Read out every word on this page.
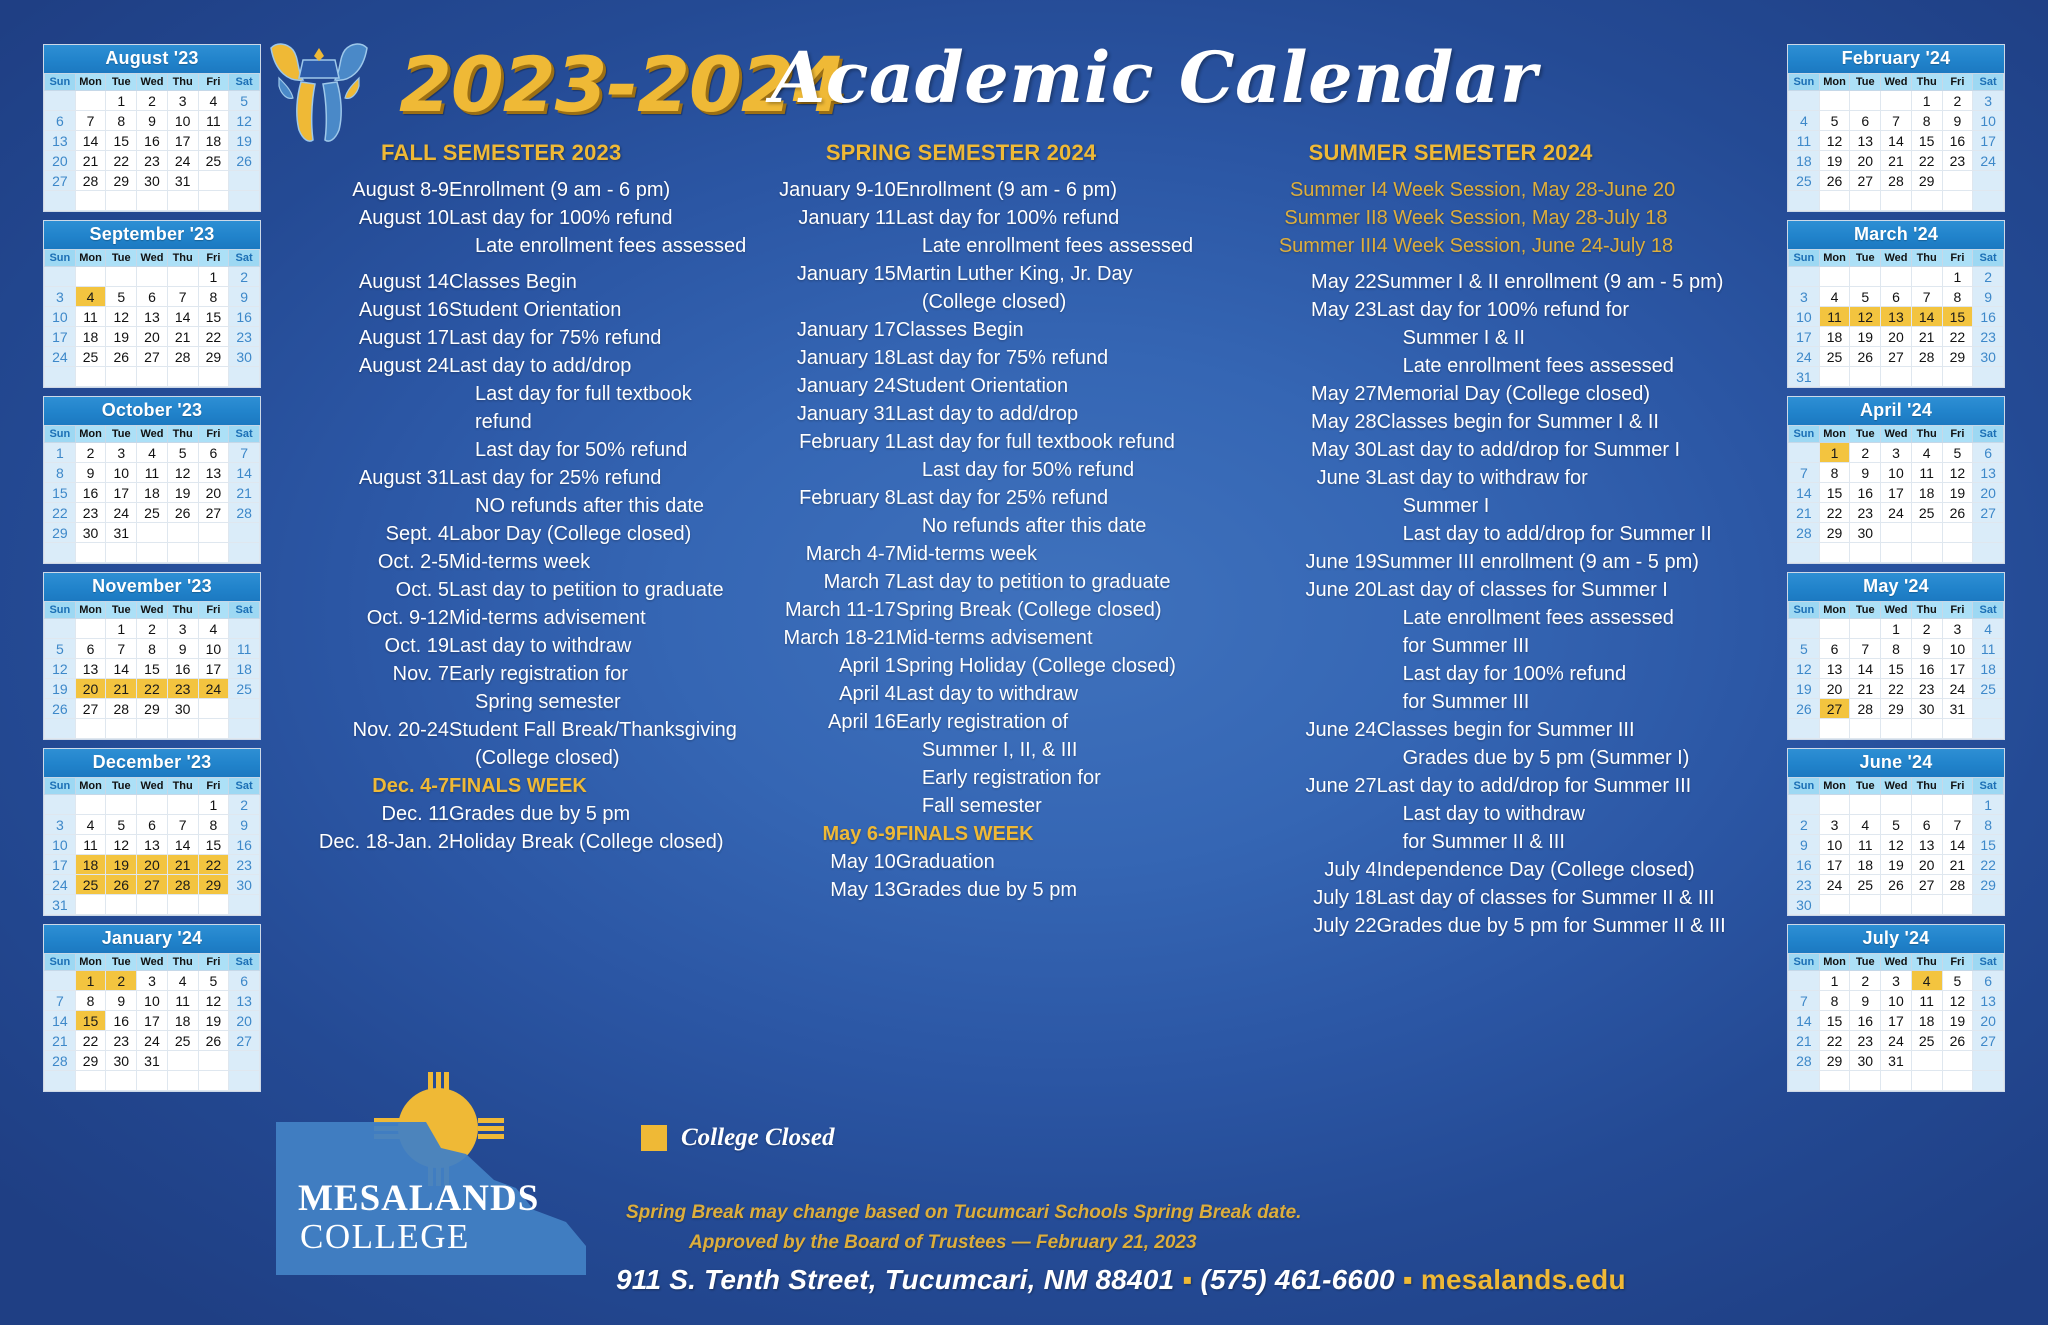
August '23
Sun	Mon	Tue	Wed	Thu	Fri	Sat
		1	2	3	4	5
6	7	8	9	10	11	12
13	14	15	16	17	18	19
20	21	22	23	24	25	26
27	28	29	30	31		

September '23
Sun	Mon	Tue	Wed	Thu	Fri	Sat
					1	2
3	4	5	6	7	8	9
10	11	12	13	14	15	16
17	18	19	20	21	22	23
24	25	26	27	28	29	30

October '23
Sun	Mon	Tue	Wed	Thu	Fri	Sat
1	2	3	4	5	6	7
8	9	10	11	12	13	14
15	16	17	18	19	20	21
22	23	24	25	26	27	28
29	30	31				

November '23
Sun	Mon	Tue	Wed	Thu	Fri	Sat
		1	2	3	4	
5	6	7	8	9	10	11
12	13	14	15	16	17	18
19	20	21	22	23	24	25
26	27	28	29	30		

December '23
Sun	Mon	Tue	Wed	Thu	Fri	Sat
					1	2
3	4	5	6	7	8	9
10	11	12	13	14	15	16
17	18	19	20	21	22	23
24	25	26	27	28	29	30
31						
January '24
Sun	Mon	Tue	Wed	Thu	Fri	Sat
	1	2	3	4	5	6
7	8	9	10	11	12	13
14	15	16	17	18	19	20
21	22	23	24	25	26	27
28	29	30	31			

February '24
Sun	Mon	Tue	Wed	Thu	Fri	Sat
				1	2	3
4	5	6	7	8	9	10
11	12	13	14	15	16	17
18	19	20	21	22	23	24
25	26	27	28	29		

March '24
Sun	Mon	Tue	Wed	Thu	Fri	Sat
					1	2
3	4	5	6	7	8	9
10	11	12	13	14	15	16
17	18	19	20	21	22	23
24	25	26	27	28	29	30
31						
April '24
Sun	Mon	Tue	Wed	Thu	Fri	Sat
	1	2	3	4	5	6
7	8	9	10	11	12	13
14	15	16	17	18	19	20
21	22	23	24	25	26	27
28	29	30				

May '24
Sun	Mon	Tue	Wed	Thu	Fri	Sat
			1	2	3	4
5	6	7	8	9	10	11
12	13	14	15	16	17	18
19	20	21	22	23	24	25
26	27	28	29	30	31	

June '24
Sun	Mon	Tue	Wed	Thu	Fri	Sat
						1
2	3	4	5	6	7	8
9	10	11	12	13	14	15
16	17	18	19	20	21	22
23	24	25	26	27	28	29
30						
July '24
Sun	Mon	Tue	Wed	Thu	Fri	Sat
	1	2	3	4	5	6
7	8	9	10	11	12	13
14	15	16	17	18	19	20
21	22	23	24	25	26	27
28	29	30	31			

2023-2024
Academic Calendar
FALL SEMESTER 2023
August 8-9	Enrollment (9 am - 6 pm)
August 10	Last day for 100% refund

Late enrollment fees assessed

August 14	Classes Begin
August 16	Student Orientation
August 17	Last day for 75% refund
August 24	Last day to add/drop

Last day for full textbook refund
Last day for 50% refund

August 31	Last day for 25% refund

NO refunds after this date

Sept. 4	Labor Day (College closed)
Oct. 2-5	Mid-terms week
Oct. 5	Last day to petition to graduate
Oct. 9-12	Mid-terms advisement
Oct. 19	Last day to withdraw
Nov. 7	Early registration for

Spring semester

Nov. 20-24	Student Fall Break/Thanksgiving

(College closed)

Dec. 4-7	FINALS WEEK
Dec. 11	Grades due by 5 pm
Dec. 18-Jan. 2	Holiday Break (College closed)
SPRING SEMESTER 2024
January 9-10	Enrollment (9 am - 6 pm)
January 11	Last day for 100% refund

Late enrollment fees assessed

January 15	Martin Luther King, Jr. Day

(College closed)

January 17	Classes Begin
January 18	Last day for 75% refund
January 24	Student Orientation
January 31	Last day to add/drop
February 1	Last day for full textbook refund

Last day for 50% refund

February 8	Last day for 25% refund

No refunds after this date

March 4-7	Mid-terms week
March 7	Last day to petition to graduate
March 11-17	Spring Break (College closed)
March 18-21	Mid-terms advisement
April 1	Spring Holiday (College closed)
April 4	Last day to withdraw
April 16	Early registration of

Summer I, II, & III
Early registration for
Fall semester

May 6-9	FINALS WEEK
May 10	Graduation
May 13	Grades due by 5 pm
SUMMER SEMESTER 2024
Summer I	4 Week Session, May 28-June 20
Summer II	8 Week Session, May 28-July 18
Summer III	4 Week Session, June 24-July 18

May 22	Summer I & II enrollment (9 am - 5 pm)
May 23	Last day for 100% refund for

Summer I & II
Late enrollment fees assessed

May 27	Memorial Day (College closed)
May 28	Classes begin for Summer I & II
May 30	Last day to add/drop for Summer I
June 3	Last day to withdraw for

Summer I
Last day to add/drop for Summer II

June 19	Summer III enrollment (9 am - 5 pm)
June 20	Last day of classes for Summer I

Late enrollment fees assessed
for Summer III
Last day for 100% refund
for Summer III

June 24	Classes begin for Summer III

Grades due by 5 pm (Summer I)

June 27	Last day to add/drop for Summer III

Last day to withdraw
for Summer II & III

July 4	Independence Day (College closed)
July 18	Last day of classes for Summer II & III
July 22	Grades due by 5 pm for Summer II & III
MESALANDS
COLLEGE
College Closed
Spring Break may change based on Tucumcari Schools Spring Break date.
Approved by the Board of Trustees — February 21, 2023
911 S. Tenth Street, Tucumcari, NM 88401 ▪ (575) 461-6600 ▪ mesalands.edu
